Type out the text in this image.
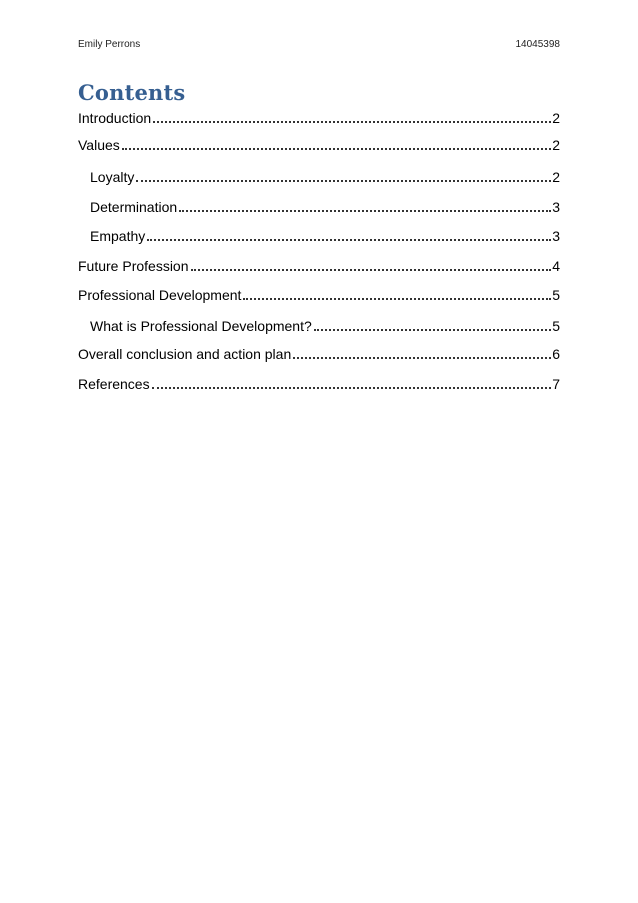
Emily Perrons	14045398
Contents
Introduction	2
Values	2
Loyalty	2
Determination	3
Empathy	3
Future Profession	4
Professional Development	5
What is Professional Development?	5
Overall conclusion and action plan	6
References	7
